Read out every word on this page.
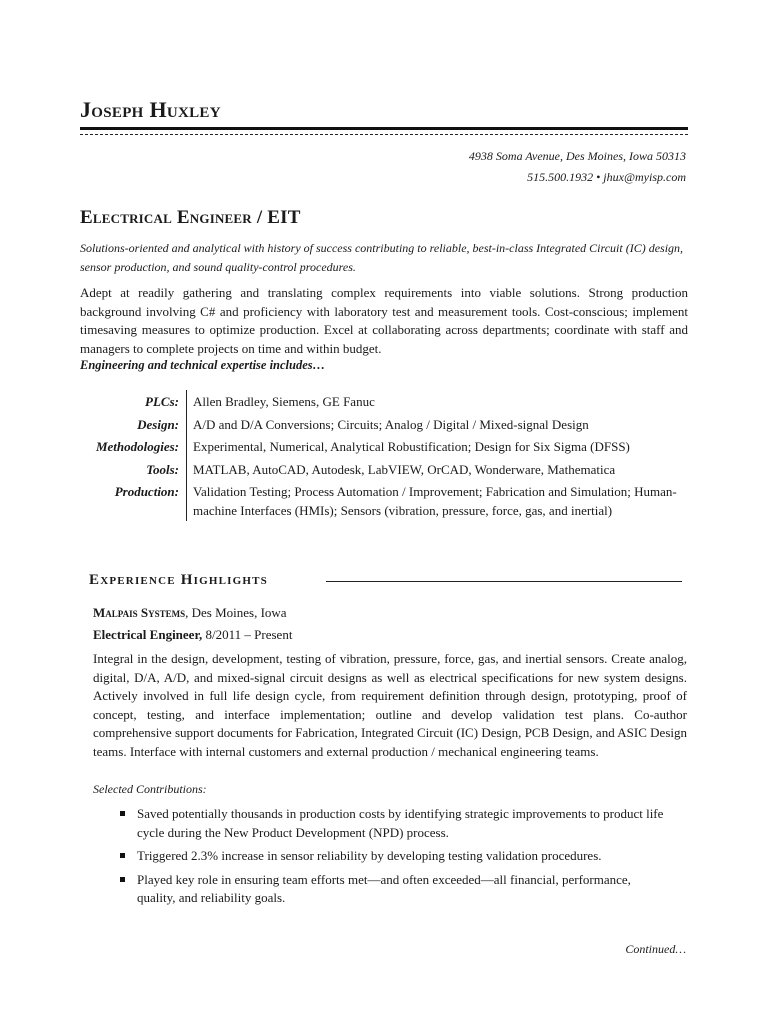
Joseph Huxley
4938 Soma Avenue, Des Moines, Iowa 50313
515.500.1932 • jhux@myisp.com
Electrical Engineer / EIT

Solutions-oriented and analytical with history of success contributing to reliable, best-in-class Integrated Circuit (IC) design, sensor production, and sound quality-control procedures.

Adept at readily gathering and translating complex requirements into viable solutions. Strong production background involving C# and proficiency with laboratory test and measurement tools. Cost-conscious; implement timesaving measures to optimize production. Excel at collaborating across departments; coordinate with staff and managers to complete projects on time and within budget.

Engineering and technical expertise includes…

PLCs:	Allen Bradley, Siemens, GE Fanuc
Design:	A/D and D/A Conversions; Circuits; Analog / Digital / Mixed-signal Design
Methodologies:	Experimental, Numerical, Analytical Robustification; Design for Six Sigma (DFSS)
Tools:	MATLAB, AutoCAD, Autodesk, LabVIEW, OrCAD, Wonderware, Mathematica
Production:	Validation Testing; Process Automation / Improvement; Fabrication and Simulation; Human-machine Interfaces (HMIs); Sensors (vibration, pressure, force, gas, and inertial)
Experience Highlights
Malpais Systems, Des Moines, Iowa
Electrical Engineer, 8/2011 – Present

Integral in the design, development, testing of vibration, pressure, force, gas, and inertial sensors. Create analog, digital, D/A, A/D, and mixed-signal circuit designs as well as electrical specifications for new system designs. Actively involved in full life design cycle, from requirement definition through design, prototyping, proof of concept, testing, and interface implementation; outline and develop validation test plans. Co-author comprehensive support documents for Fabrication, Integrated Circuit (IC) Design, PCB Design, and ASIC Design teams. Interface with internal customers and external production / mechanical engineering teams.

Selected Contributions:
Saved potentially thousands in production costs by identifying strategic improvements to product life cycle during the New Product Development (NPD) process.
Triggered 2.3% increase in sensor reliability by developing testing validation procedures.
Played key role in ensuring team efforts met—and often exceeded—all financial, performance, quality, and reliability goals.
Continued…
